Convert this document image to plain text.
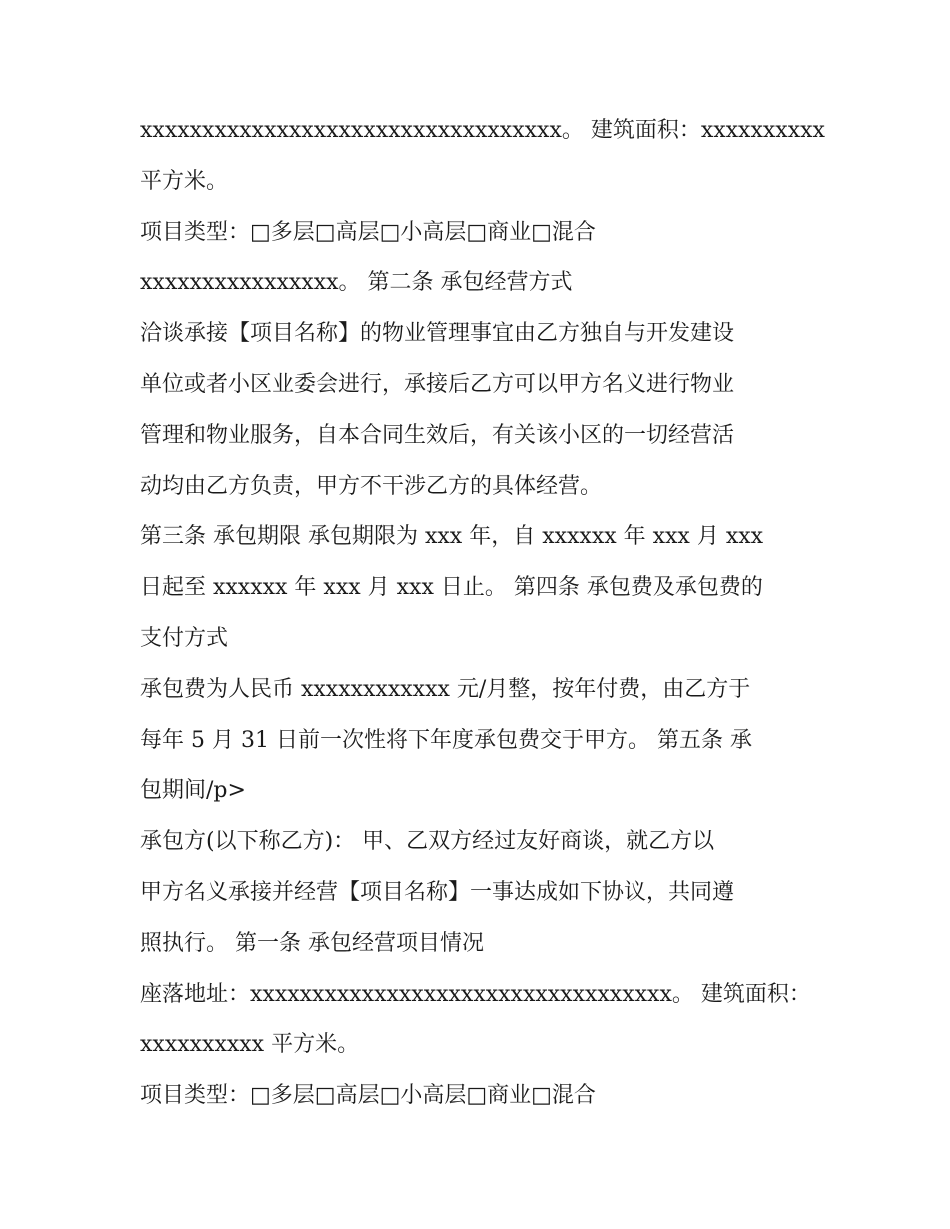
xxxxxxxxxxxxxxxxxxxxxxxxxxxxxxxxxx。 建筑面积：xxxxxxxxxx

平方米。

项目类型：□多层□高层□小高层□商业□混合

xxxxxxxxxxxxxxxx。 第二条 承包经营方式

洽谈承接【项目名称】的物业管理事宜由乙方独自与开发建设

单位或者小区业委会进行，承接后乙方可以甲方名义进行物业

管理和物业服务，自本合同生效后，有关该小区的一切经营活

动均由乙方负责，甲方不干涉乙方的具体经营。

第三条 承包期限 承包期限为 xxx 年，自 xxxxxx 年 xxx 月 xxx

日起至 xxxxxx 年 xxx 月 xxx 日止。 第四条 承包费及承包费的

支付方式

承包费为人民币 xxxxxxxxxxxx 元/月整，按年付费，由乙方于

每年 5 月 31 日前一次性将下年度承包费交于甲方。 第五条 承

包期间/p>

承包方(以下称乙方)： 甲、乙双方经过友好商谈，就乙方以

甲方名义承接并经营【项目名称】一事达成如下协议，共同遵

照执行。 第一条 承包经营项目情况

座落地址：xxxxxxxxxxxxxxxxxxxxxxxxxxxxxxxxxx。 建筑面积：

xxxxxxxxxx 平方米。

项目类型：□多层□高层□小高层□商业□混合
